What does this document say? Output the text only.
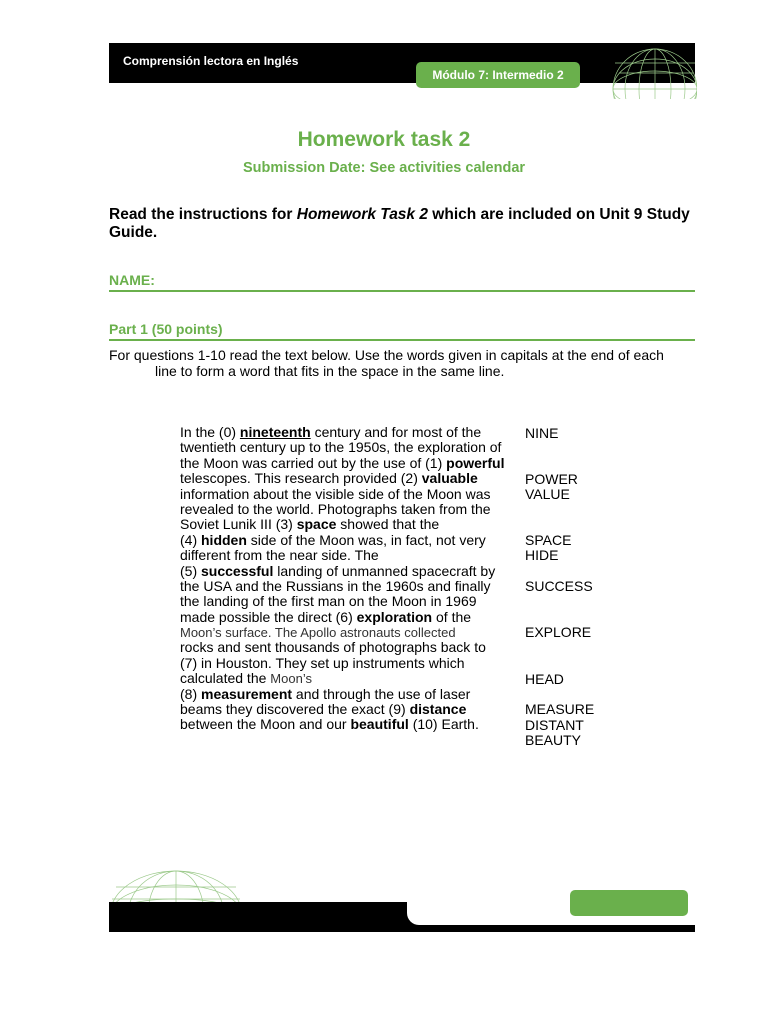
Comprensión lectora en Inglés
Módulo 7: Intermedio 2
Homework task 2
Submission Date: See activities calendar
Read the instructions for Homework Task 2 which are included on Unit 9 Study Guide.
NAME:
Part 1 (50 points)
For questions 1-10 read the text below. Use the words given in capitals at the end of each
line to form a word that fits in the space in the same line.
In the (0) nineteenth century and for most of the
twentieth century up to the 1950s, the exploration of
the Moon was carried out by the use of (1) powerful
telescopes. This research provided (2) valuable
information about the visible side of the Moon was
revealed to the world. Photographs taken from the
Soviet Lunik III (3) space showed that the
(4) hidden side of the Moon was, in fact, not very
different from the near side. The
(5) successful landing of unmanned spacecraft by
the USA and the Russians in the 1960s and finally
the landing of the first man on the Moon in 1969
made possible the direct (6) exploration of the
Moon’s surface. The Apollo astronauts collected
rocks and sent thousands of photographs back to
(7) in Houston. They set up instruments which
calculated the Moon’s
(8) measurement and through the use of laser
beams they discovered the exact (9) distance
between the Moon and our beautiful (10) Earth.
NINE
POWER
VALUE
SPACE
HIDE
SUCCESS
EXPLORE
HEAD
MEASURE
DISTANT
BEAUTY
